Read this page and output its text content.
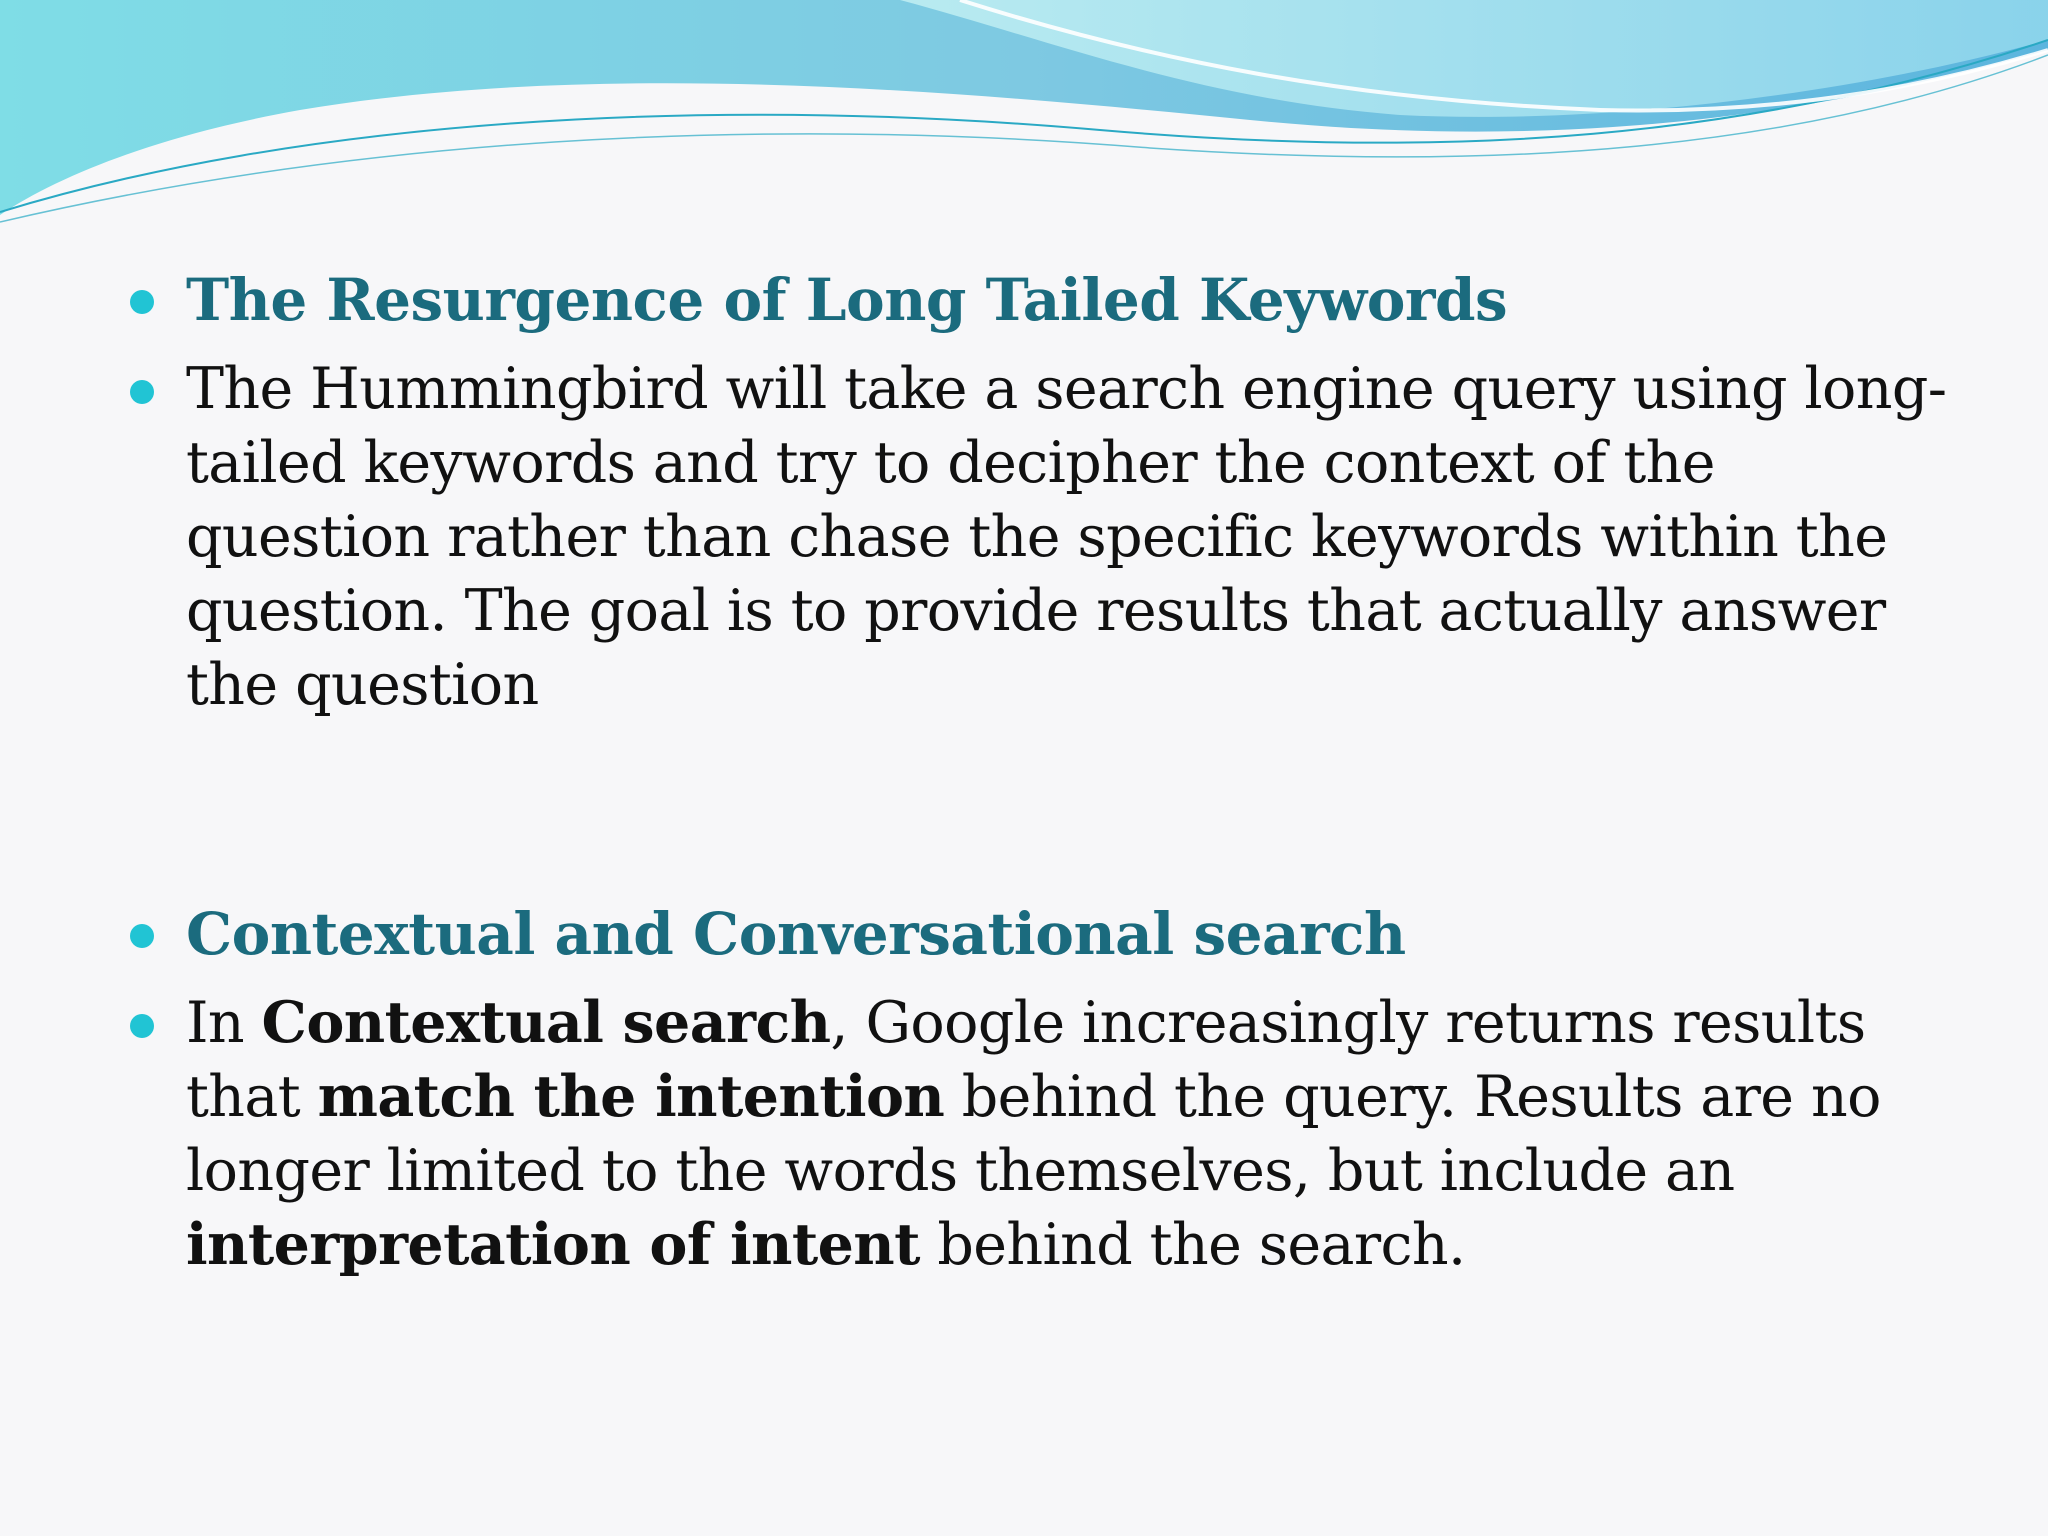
The Resurgence of Long Tailed Keywords

The Hummingbird will take a search engine query using long-tailed keywords and try to decipher the context of the question rather than chase the specific keywords within the question. The goal is to provide results that actually answer the question

Contextual and Conversational search

In Contextual search, Google increasingly returns results that match the intention behind the query. Results are no longer limited to the words themselves, but include an interpretation of intent behind the search.
